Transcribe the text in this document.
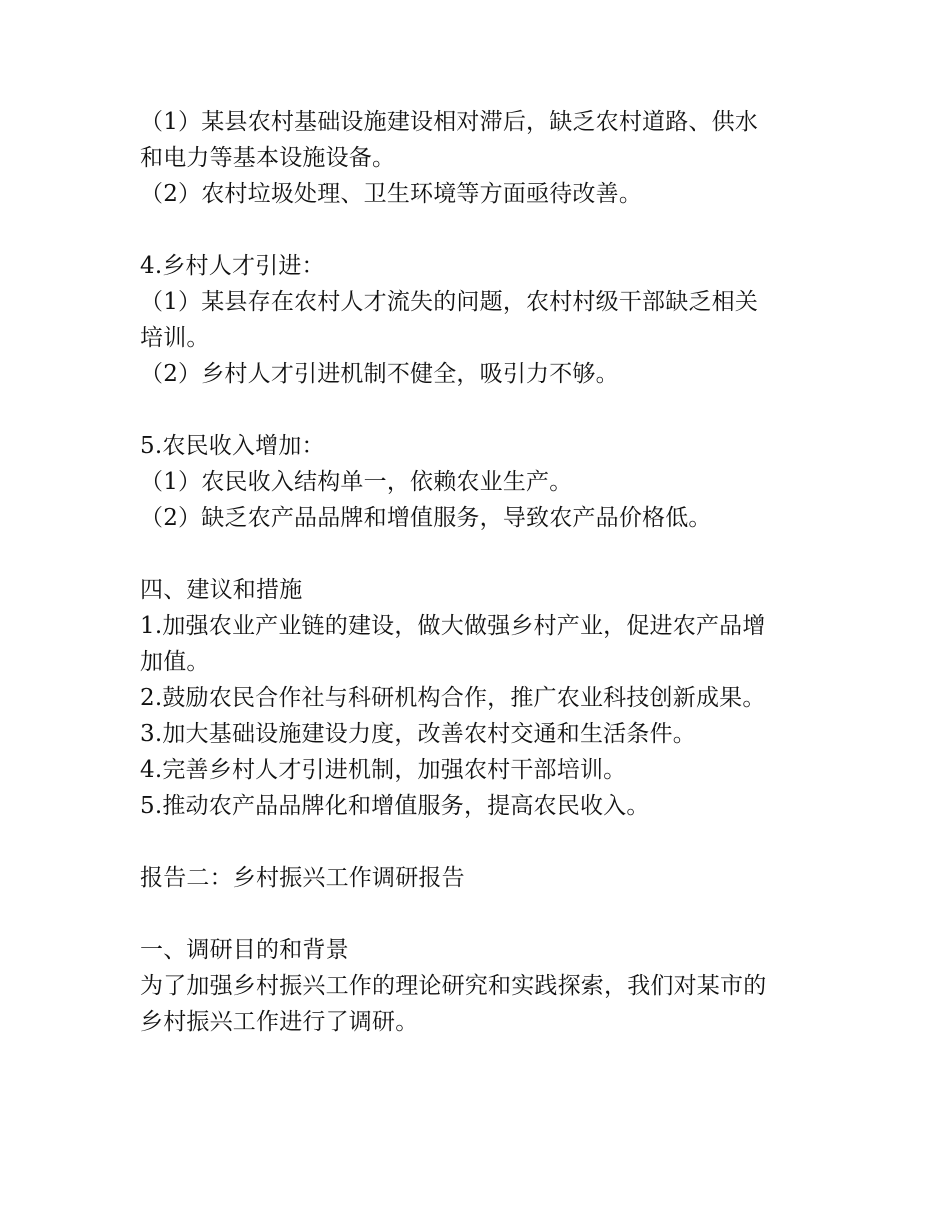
（1）某县农村基础设施建设相对滞后，缺乏农村道路、供水
和电力等基本设施设备。
（2）农村垃圾处理、卫生环境等方面亟待改善。
4.乡村人才引进：
（1）某县存在农村人才流失的问题，农村村级干部缺乏相关
培训。
（2）乡村人才引进机制不健全，吸引力不够。
5.农民收入增加：
（1）农民收入结构单一，依赖农业生产。
（2）缺乏农产品品牌和增值服务，导致农产品价格低。
四、建议和措施
1.加强农业产业链的建设，做大做强乡村产业，促进农产品增
加值。
2.鼓励农民合作社与科研机构合作，推广农业科技创新成果。
3.加大基础设施建设力度，改善农村交通和生活条件。
4.完善乡村人才引进机制，加强农村干部培训。
5.推动农产品品牌化和增值服务，提高农民收入。
报告二：乡村振兴工作调研报告
一、调研目的和背景
为了加强乡村振兴工作的理论研究和实践探索，我们对某市的
乡村振兴工作进行了调研。
